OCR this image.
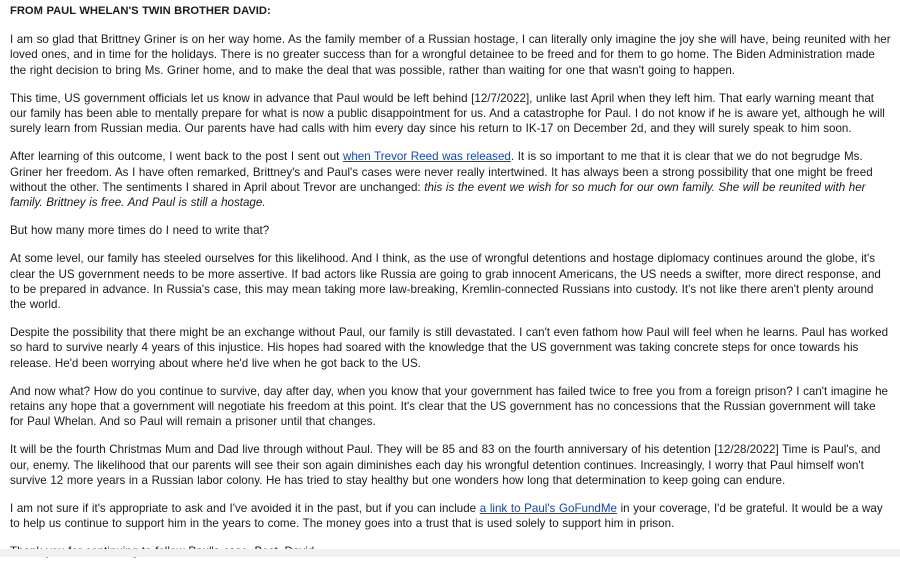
FROM PAUL WHELAN'S TWIN BROTHER DAVID:

I am so glad that Brittney Griner is on her way home. As the family member of a Russian hostage, I can literally only imagine the joy she will have, being reunited with her loved ones, and in time for the holidays. There is no greater success than for a wrongful detainee to be freed and for them to go home. The Biden Administration made the right decision to bring Ms. Griner home, and to make the deal that was possible, rather than waiting for one that wasn't going to happen.

This time, US government officials let us know in advance that Paul would be left behind [12/7/2022], unlike last April when they left him. That early warning meant that our family has been able to mentally prepare for what is now a public disappointment for us. And a catastrophe for Paul. I do not know if he is aware yet, although he will surely learn from Russian media. Our parents have had calls with him every day since his return to IK-17 on December 2d, and they will surely speak to him soon.

After learning of this outcome, I went back to the post I sent out when Trevor Reed was released. It is so important to me that it is clear that we do not begrudge Ms. Griner her freedom. As I have often remarked, Brittney's and Paul's cases were never really intertwined. It has always been a strong possibility that one might be freed without the other. The sentiments I shared in April about Trevor are unchanged: this is the event we wish for so much for our own family. She will be reunited with her family. Brittney is free. And Paul is still a hostage.

But how many more times do I need to write that?

At some level, our family has steeled ourselves for this likelihood. And I think, as the use of wrongful detentions and hostage diplomacy continues around the globe, it's clear the US government needs to be more assertive. If bad actors like Russia are going to grab innocent Americans, the US needs a swifter, more direct response, and to be prepared in advance. In Russia's case, this may mean taking more law-breaking, Kremlin-connected Russians into custody. It's not like there aren't plenty around the world.

Despite the possibility that there might be an exchange without Paul, our family is still devastated. I can't even fathom how Paul will feel when he learns. Paul has worked so hard to survive nearly 4 years of this injustice. His hopes had soared with the knowledge that the US government was taking concrete steps for once towards his release. He'd been worrying about where he'd live when he got back to the US.

And now what? How do you continue to survive, day after day, when you know that your government has failed twice to free you from a foreign prison? I can't imagine he retains any hope that a government will negotiate his freedom at this point. It's clear that the US government has no concessions that the Russian government will take for Paul Whelan. And so Paul will remain a prisoner until that changes.

It will be the fourth Christmas Mum and Dad live through without Paul. They will be 85 and 83 on the fourth anniversary of his detention [12/28/2022] Time is Paul's, and our, enemy. The likelihood that our parents will see their son again diminishes each day his wrongful detention continues. Increasingly, I worry that Paul himself won't survive 12 more years in a Russian labor colony. He has tried to stay healthy but one wonders how long that determination to keep going can endure.

I am not sure if it's appropriate to ask and I've avoided it in the past, but if you can include a link to Paul's GoFundMe in your coverage, I'd be grateful. It would be a way to help us continue to support him in the years to come. The money goes into a trust that is used solely to support him in prison.
